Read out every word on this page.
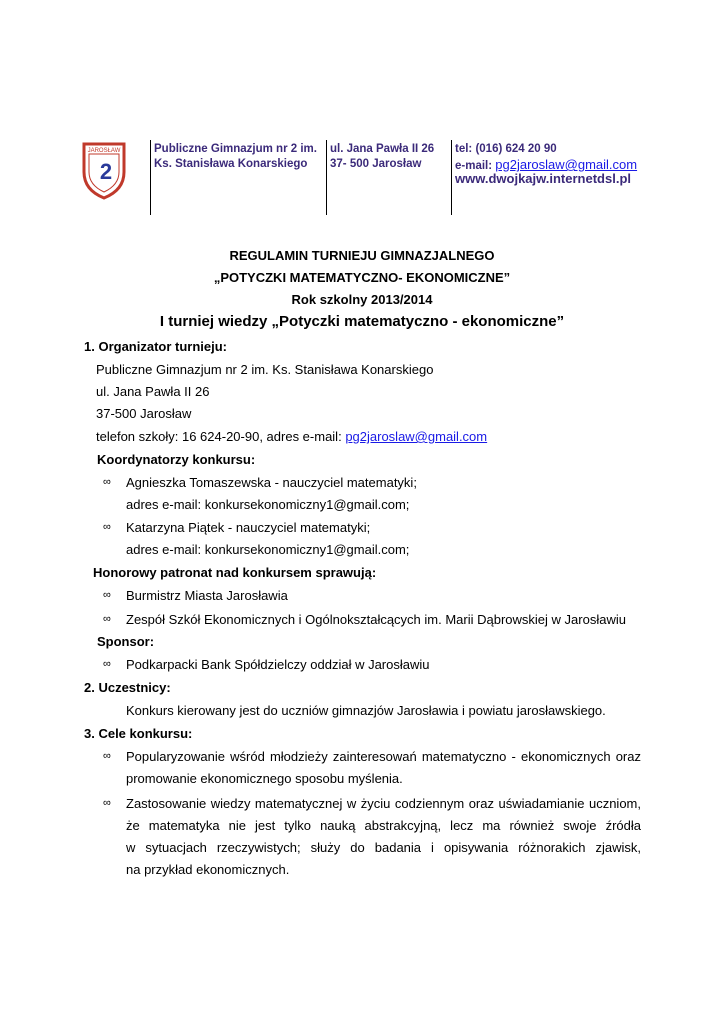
JAROSŁAW
2
Publiczne Gimnazjum nr 2 im.
Ks. Stanisława Konarskiego
ul. Jana Pawła II 26
37- 500 Jarosław
tel: (016) 624 20 90
e-mail: pg2jaroslaw@gmail.com
www.dwojkajw.internetdsl.pl
REGULAMIN TURNIEJU GIMNAZJALNEGO
„POTYCZKI MATEMATYCZNO- EKONOMICZNE”
Rok szkolny 2013/2014
I turniej wiedzy „Potyczki matematyczno - ekonomiczne”
1. Organizator turnieju:
Publiczne Gimnazjum nr 2 im. Ks. Stanisława Konarskiego
ul. Jana Pawła II 26
37-500 Jarosław
telefon szkoły: 16 624-20-90, adres e-mail: pg2jaroslaw@gmail.com
Koordynatorzy konkursu:
∞ Agnieszka Tomaszewska - nauczyciel matematyki;
adres e-mail: konkursekonomiczny1@gmail.com;
∞ Katarzyna Piątek - nauczyciel matematyki;
adres e-mail: konkursekonomiczny1@gmail.com;
Honorowy patronat nad konkursem sprawują:
∞ Burmistrz Miasta Jarosławia
∞ Zespół Szkół Ekonomicznych i Ogólnokształcących im. Marii Dąbrowskiej w Jarosławiu
Sponsor:
∞ Podkarpacki Bank Spółdzielczy oddział w Jarosławiu
2. Uczestnicy:
Konkurs kierowany jest do uczniów gimnazjów Jarosławia i powiatu jarosławskiego.
3. Cele konkursu:
∞ Popularyzowanie wśród młodzieży zainteresowań matematyczno - ekonomicznych oraz
promowanie ekonomicznego sposobu myślenia.
∞ Zastosowanie wiedzy matematycznej w życiu codziennym oraz uświadamianie uczniom,
że matematyka nie jest tylko nauką abstrakcyjną, lecz ma również swoje źródła
w sytuacjach rzeczywistych; służy do badania i opisywania różnorakich zjawisk,
na przykład ekonomicznych.
